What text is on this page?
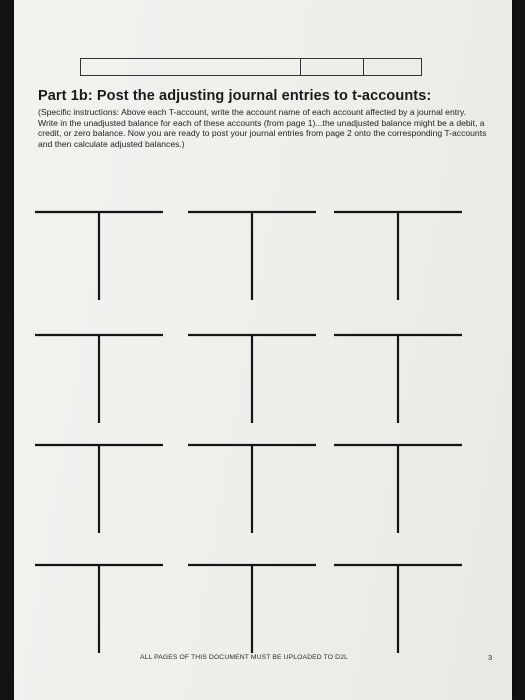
Part 1b: Post the adjusting journal entries to t-accounts:
(Specific instructions: Above each T-account, write the account name of each account affected by a journal entry. Write in the unadjusted balance for each of these accounts (from page 1)...the unadjusted balance might be a debit, a credit, or zero balance. Now you are ready to post your journal entries from page 2 onto the corresponding T-accounts and then calculate adjusted balances.)
ALL PAGES OF THIS DOCUMENT MUST BE UPLOADED TO D2L	3
